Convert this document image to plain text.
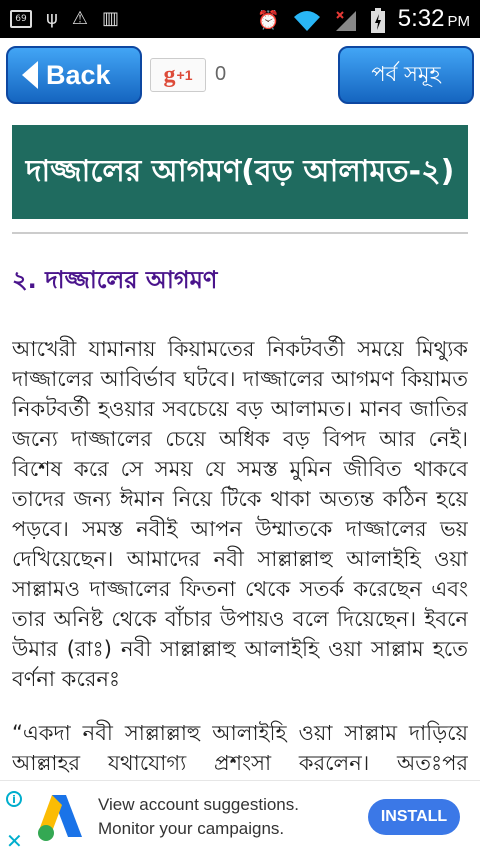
69 ψ ⚠ ▥	⏰	5:32 PM
Back g +1 0	পর্ব সমূহ
দাজ্জালের আগমণ(বড় আলামত-২)
২. দাজ্জালের আগমণ

আখেরী যামানায় কিয়ামতের নিকটবর্তী সময়ে মিথ্যুক দাজ্জালের আবির্ভাব ঘটবে। দাজ্জালের আগমণ কিয়ামত নিকটবর্তী হওয়ার সবচেয়ে বড় আলামত। মানব জাতির জন্যে দাজ্জালের চেয়ে অধিক বড় বিপদ আর নেই। বিশেষ করে সে সময় যে সমস্ত মুমিন জীবিত থাকবে তাদের জন্য ঈমান নিয়ে টিকে থাকা অত্যন্ত কঠিন হয়ে পড়বে। সমস্ত নবীই আপন উম্মাতকে দাজ্জালের ভয় দেখিয়েছেন। আমাদের নবী সাল্লাল্লাহু আলাইহি ওয়া সাল্লামও দাজ্জালের ফিতনা থেকে সতর্ক করেছেন এবং তার অনিষ্ট থেকে বাঁচার উপায়ও বলে দিয়েছেন। ইবনে উমার (রাঃ) নবী সাল্লাল্লাহু আলাইহি ওয়া সাল্লাম হতে বর্ণনা করেনঃ

“একদা নবী সাল্লাল্লাহু আলাইহি ওয়া সাল্লাম দাড়িয়ে আল্লাহর যথাযোগ্য প্রশংসা করলেন। অতঃপর

i
✕
View account suggestions.
Monitor your campaigns.
INSTALL
